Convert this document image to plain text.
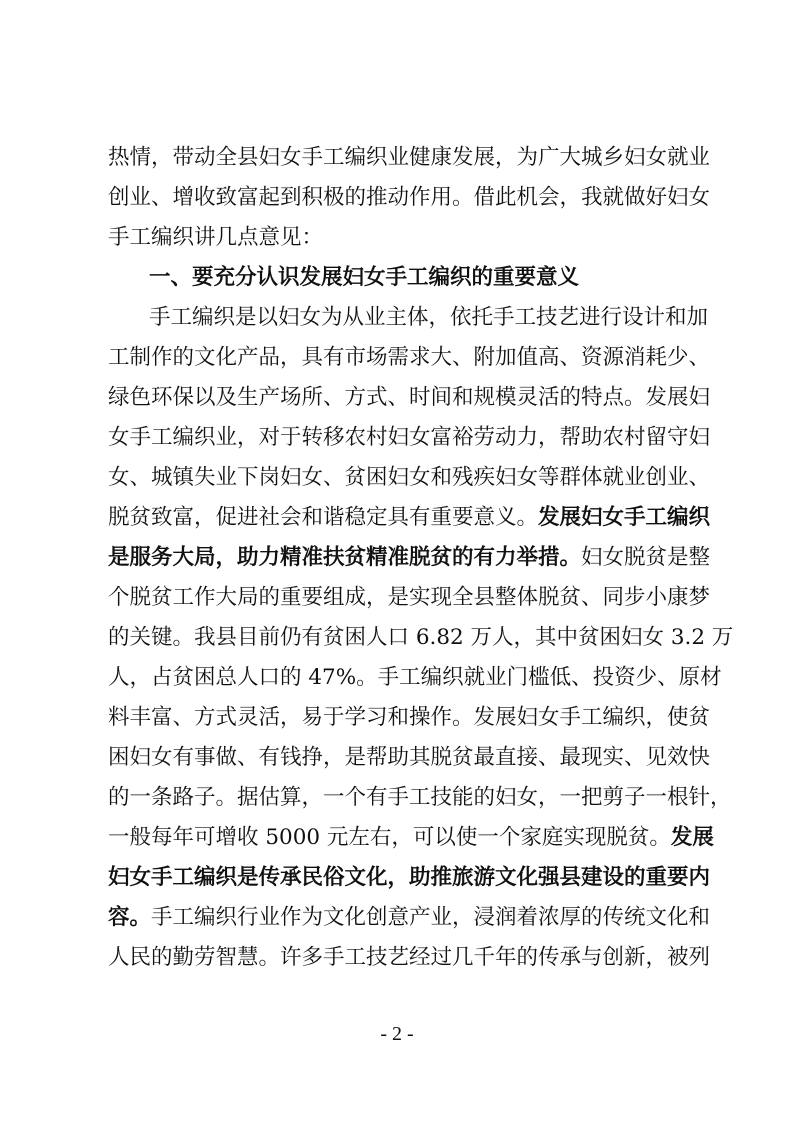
热情，带动全县妇女手工编织业健康发展，为广大城乡妇女就业
创业、增收致富起到积极的推动作用。借此机会，我就做好妇女
手工编织讲几点意见：
一、要充分认识发展妇女手工编织的重要意义
手工编织是以妇女为从业主体，依托手工技艺进行设计和加
工制作的文化产品，具有市场需求大、附加值高、资源消耗少、
绿色环保以及生产场所、方式、时间和规模灵活的特点。发展妇
女手工编织业，对于转移农村妇女富裕劳动力，帮助农村留守妇
女、城镇失业下岗妇女、贫困妇女和残疾妇女等群体就业创业、
脱贫致富，促进社会和谐稳定具有重要意义。发展妇女手工编织
是服务大局，助力精准扶贫精准脱贫的有力举措。妇女脱贫是整
个脱贫工作大局的重要组成，是实现全县整体脱贫、同步小康梦
的关键。我县目前仍有贫困人口 6.82 万人，其中贫困妇女 3.2 万
人，占贫困总人口的 47%。手工编织就业门槛低、投资少、原材
料丰富、方式灵活，易于学习和操作。发展妇女手工编织，使贫
困妇女有事做、有钱挣，是帮助其脱贫最直接、最现实、见效快
的一条路子。据估算，一个有手工技能的妇女，一把剪子一根针，
一般每年可增收 5000 元左右，可以使一个家庭实现脱贫。发展
妇女手工编织是传承民俗文化，助推旅游文化强县建设的重要内
容。手工编织行业作为文化创意产业，浸润着浓厚的传统文化和
人民的勤劳智慧。许多手工技艺经过几千年的传承与创新，被列
- 2 -
